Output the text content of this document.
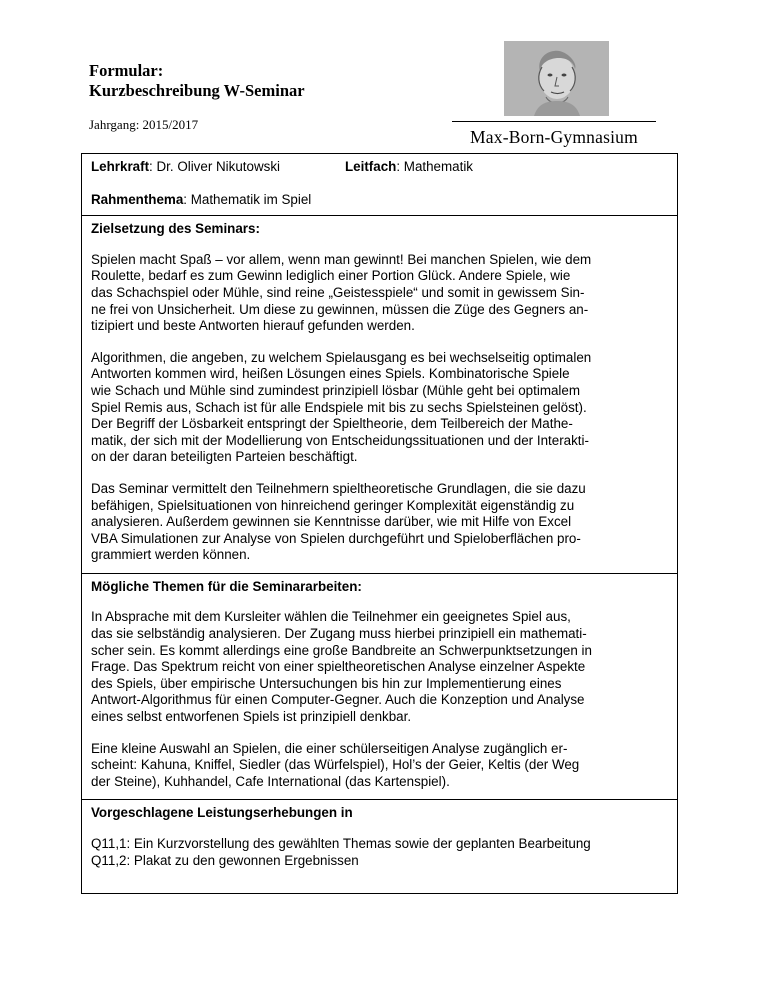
Formular:
Kurzbeschreibung W-Seminar
Jahrgang: 2015/2017
Max-Born-Gymnasium
Lehrkraft: Dr. Oliver Nikutowski	Leitfach: Mathematik
Rahmenthema: Mathematik im Spiel

Zielsetzung des Seminars:
Spielen macht Spaß – vor allem, wenn man gewinnt! Bei manchen Spielen, wie dem
Roulette, bedarf es zum Gewinn lediglich einer Portion Glück. Andere Spiele, wie
das Schachspiel oder Mühle, sind reine „Geistesspiele“ und somit in gewissem Sin-
ne frei von Unsicherheit. Um diese zu gewinnen, müssen die Züge des Gegners an-
tizipiert und beste Antworten hierauf gefunden werden.
Algorithmen, die angeben, zu welchem Spielausgang es bei wechselseitig optimalen
Antworten kommen wird, heißen Lösungen eines Spiels. Kombinatorische Spiele
wie Schach und Mühle sind zumindest prinzipiell lösbar (Mühle geht bei optimalem
Spiel Remis aus, Schach ist für alle Endspiele mit bis zu sechs Spielsteinen gelöst).
Der Begriff der Lösbarkeit entspringt der Spieltheorie, dem Teilbereich der Mathe-
matik, der sich mit der Modellierung von Entscheidungssituationen und der Interakti-
on der daran beteiligten Parteien beschäftigt.
Das Seminar vermittelt den Teilnehmern spieltheoretische Grundlagen, die sie dazu
befähigen, Spielsituationen von hinreichend geringer Komplexität eigenständig zu
analysieren. Außerdem gewinnen sie Kenntnisse darüber, wie mit Hilfe von Excel
VBA Simulationen zur Analyse von Spielen durchgeführt und Spieloberflächen pro-
grammiert werden können.

Mögliche Themen für die Seminararbeiten:
In Absprache mit dem Kursleiter wählen die Teilnehmer ein geeignetes Spiel aus,
das sie selbständig analysieren. Der Zugang muss hierbei prinzipiell ein mathemati-
scher sein. Es kommt allerdings eine große Bandbreite an Schwerpunktsetzungen in
Frage. Das Spektrum reicht von einer spieltheoretischen Analyse einzelner Aspekte
des Spiels, über empirische Untersuchungen bis hin zur Implementierung eines
Antwort-Algorithmus für einen Computer-Gegner. Auch die Konzeption und Analyse
eines selbst entworfenen Spiels ist prinzipiell denkbar.
Eine kleine Auswahl an Spielen, die einer schülerseitigen Analyse zugänglich er-
scheint: Kahuna, Kniffel, Siedler (das Würfelspiel), Hol’s der Geier, Keltis (der Weg
der Steine), Kuhhandel, Cafe International (das Kartenspiel).

Vorgeschlagene Leistungserhebungen in
Q11,1: Ein Kurzvorstellung des gewählten Themas sowie der geplanten Bearbeitung
Q11,2: Plakat zu den gewonnen Ergebnissen
